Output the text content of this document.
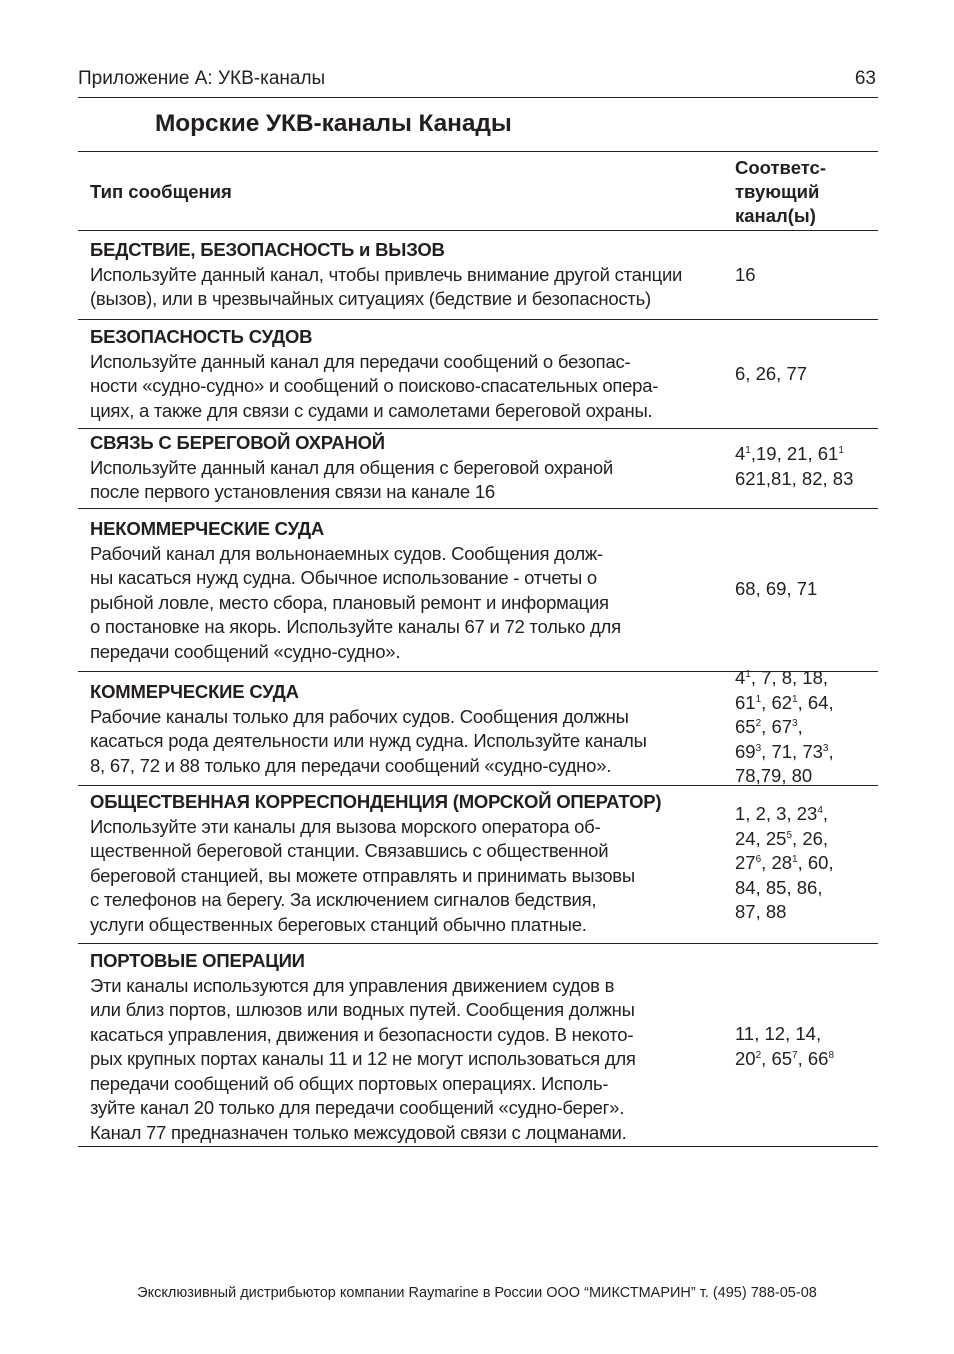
Приложение А: УКВ-каналы	63
Морские УКВ-каналы Канады
Тип сообщения
Соответс-
твующий
канал(ы)
БЕДСТВИЕ, БЕЗОПАСНОСТЬ и ВЫЗОВ
Используйте данный канал, чтобы привлечь внимание другой станции
(вызов), или в чрезвычайных ситуациях (бедствие и безопасность)
16
БЕЗОПАСНОСТЬ СУДОВ
Используйте данный канал для передачи сообщений о безопас-
ности «судно-судно» и сообщений о поисково-спасательных опера-
циях, а также для связи с судами и самолетами береговой охраны.
6, 26, 77
СВЯЗЬ С БЕРЕГОВОЙ ОХРАНОЙ
Используйте данный канал для общения с береговой охраной
после первого установления связи на канале 16
$4^1,19$, 21, $61^1$
621,81, 82, 83
НЕКОММЕРЧЕСКИЕ СУДА
Рабочий канал для вольнонаемных судов. Сообщения долж-
ны касаться нужд судна. Обычное использование - отчеты о
рыбной ловле, место сбора, плановый ремонт и информация
о постановке на якорь. Используйте каналы 67 и 72 только для
передачи сообщений «судно-судно».
68, 69, 71
КОММЕРЧЕСКИЕ СУДА
Рабочие каналы только для рабочих судов. Сообщения должны
касаться рода деятельности или нужд судна. Используйте каналы
8, 67, 72 и 88 только для передачи сообщений «судно-судно».
$4^1$, 7, 8, 18,
$61^1$, $62^1$, 64,
$65^2$, $67^3$,
$69^3$, 71, $73^3$,
78,79, 80
ОБЩЕСТВЕННАЯ КОРРЕСПОНДЕНЦИЯ (МОРСКОЙ ОПЕРАТОР)
Используйте эти каналы для вызова морского оператора об-
щественной береговой станции. Связавшись с общественной
береговой станцией, вы можете отправлять и принимать вызовы
с телефонов на берегу. За исключением сигналов бедствия,
услуги общественных береговых станций обычно платные.
1, 2, 3, $23^4$,
24, $25^5$, 26,
$27^6$, $28^1$, 60,
84, 85, 86,
87, 88
ПОРТОВЫЕ ОПЕРАЦИИ
Эти каналы используются для управления движением судов в
или близ портов, шлюзов или водных путей. Сообщения должны
касаться управления, движения и безопасности судов. В некото-
рых крупных портах каналы 11 и 12 не могут использоваться для
передачи сообщений об общих портовых операциях. Исполь-
зуйте канал 20 только для передачи сообщений «судно-берег».
Канал 77 предназначен только межсудовой связи с лоцманами.
11, 12, 14,
$20^2$, $65^7$, $66^8$
Эксклюзивный дистрибьютор компании Raymarine в России ООО “МИКСТМАРИН” т. (495) 788-05-08
